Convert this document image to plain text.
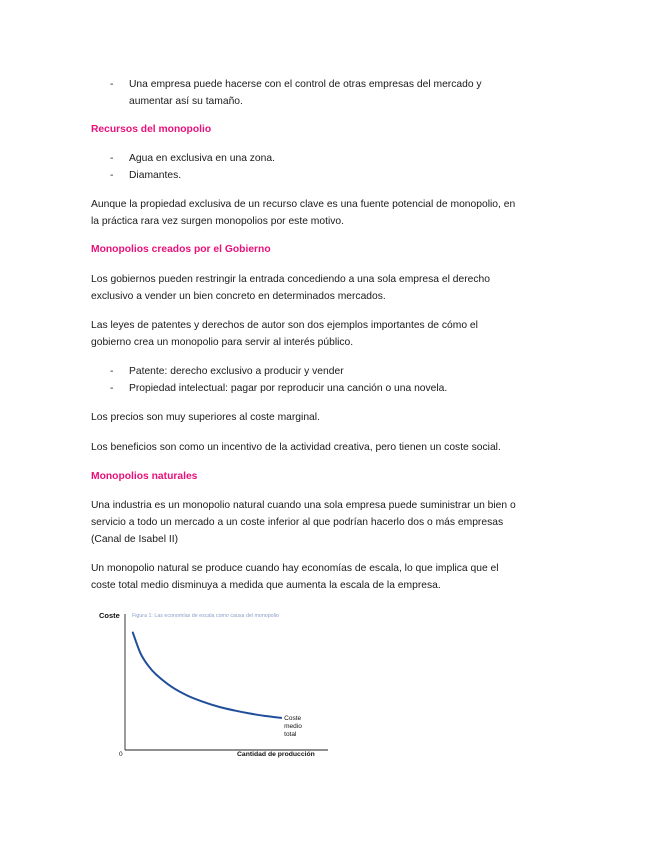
- Una empresa puede hacerse con el control de otras empresas del mercado y
aumentar así su tamaño.
Recursos del monopolio
- Agua en exclusiva en una zona.
- Diamantes.
Aunque la propiedad exclusiva de un recurso clave es una fuente potencial de monopolio, en
la práctica rara vez surgen monopolios por este motivo.
Monopolios creados por el Gobierno
Los gobiernos pueden restringir la entrada concediendo a una sola empresa el derecho
exclusivo a vender un bien concreto en determinados mercados.
Las leyes de patentes y derechos de autor son dos ejemplos importantes de cómo el
gobierno crea un monopolio para servir al interés público.
- Patente: derecho exclusivo a producir y vender
- Propiedad intelectual: pagar por reproducir una canción o una novela.
Los precios son muy superiores al coste marginal.
Los beneficios son como un incentivo de la actividad creativa, pero tienen un coste social.
Monopolios naturales
Una industria es un monopolio natural cuando una sola empresa puede suministrar un bien o
servicio a todo un mercado a un coste inferior al que podrían hacerlo dos o más empresas
(Canal de Isabel II)
Un monopolio natural se produce cuando hay economías de escala, lo que implica que el
coste total medio disminuya a medida que aumenta la escala de la empresa.
Coste Figura 1: Las economías de escala como causa del monopolio
0	Cantidad de producción
Coste
medio
total
